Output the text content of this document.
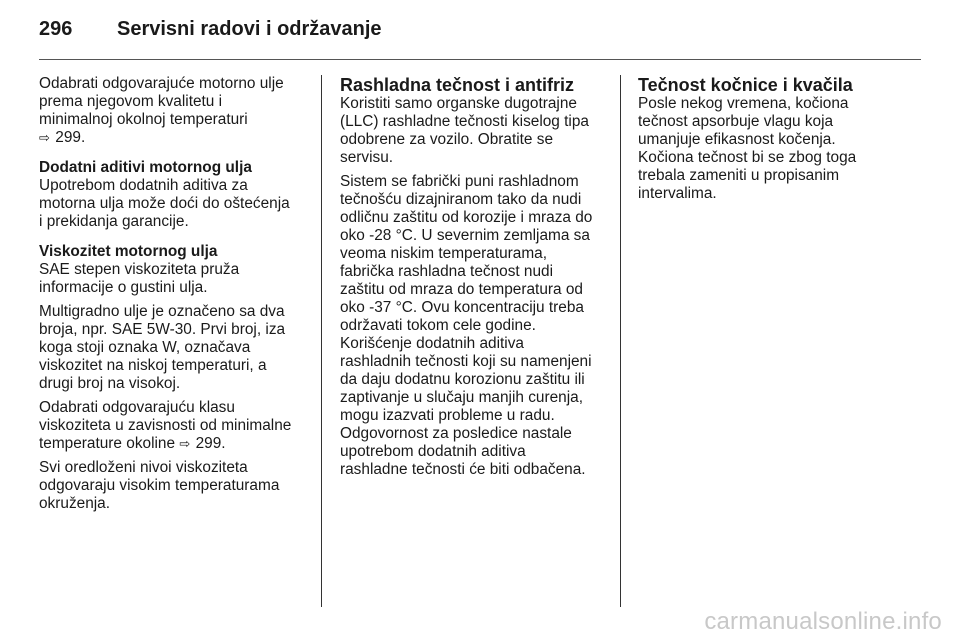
296	Servisni radovi i održavanje

Odabrati odgovarajuće motorno ulje
prema njegovom kvalitetu i
minimalnoj okolnoj temperaturi
⇨ 299.

Dodatni aditivi motornog ulja

Upotrebom dodatnih aditiva za
motorna ulja može doći do oštećenja
i prekidanja garancije.

Viskozitet motornog ulja

SAE stepen viskoziteta pruža
informacije o gustini ulja.

Multigradno ulje je označeno sa dva
broja, npr. SAE 5W-30. Prvi broj, iza
koga stoji oznaka W, označava
viskozitet na niskoj temperaturi, a
drugi broj na visokoj.

Odabrati odgovarajuću klasu
viskoziteta u zavisnosti od minimalne
temperature okoline ⇨ 299.

Svi oredloženi nivoi viskoziteta
odgovaraju visokim temperaturama
okruženja.

Rashladna tečnost i antifriz

Koristiti samo organske dugotrajne
(LLC) rashladne tečnosti kiselog tipa
odobrene za vozilo. Obratite se
servisu.

Sistem se fabrički puni rashladnom
tečnošću dizajniranom tako da nudi
odličnu zaštitu od korozije i mraza do
oko -28 °C. U severnim zemljama sa
veoma niskim temperaturama,
fabrička rashladna tečnost nudi
zaštitu od mraza do temperatura od
oko -37 °C. Ovu koncentraciju treba
održavati tokom cele godine.
Korišćenje dodatnih aditiva
rashladnih tečnosti koji su namenjeni
da daju dodatnu korozionu zaštitu ili
zaptivanje u slučaju manjih curenja,
mogu izazvati probleme u radu.
Odgovornost za posledice nastale
upotrebom dodatnih aditiva
rashladne tečnosti će biti odbačena.

Tečnost kočnice i kvačila

Posle nekog vremena, kočiona
tečnost apsorbuje vlagu koja
umanjuje efikasnost kočenja.
Kočiona tečnost bi se zbog toga
trebala zameniti u propisanim
intervalima.

carmanualsonline.info
